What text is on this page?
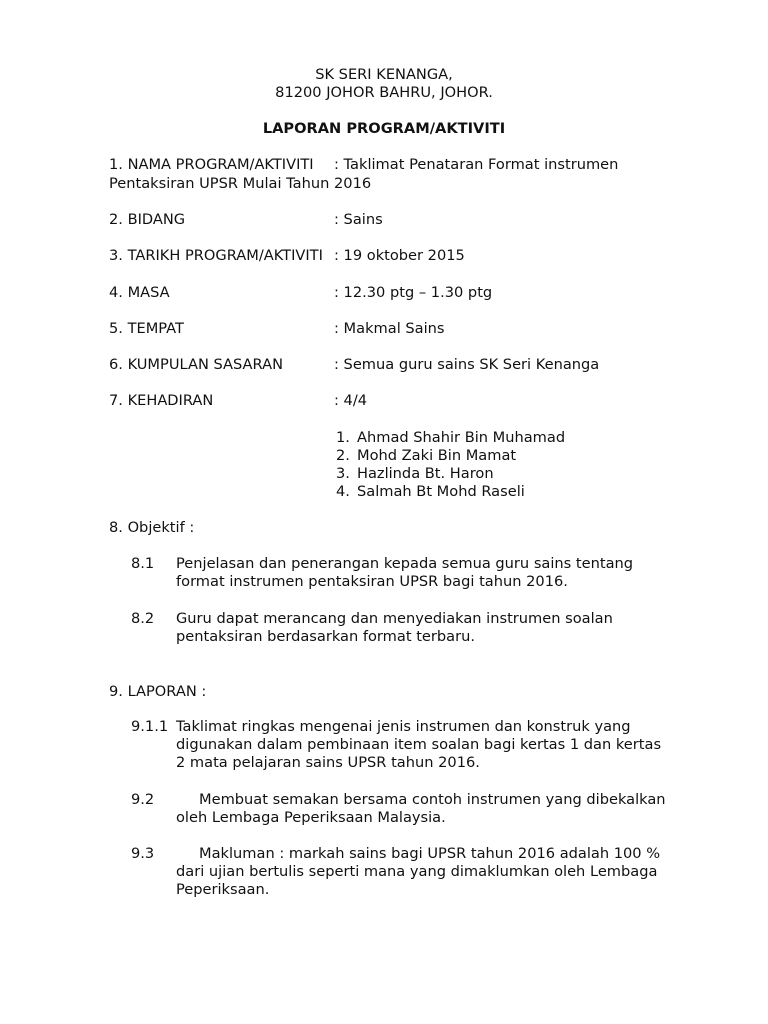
SK SERI KENANGA,
81200 JOHOR BAHRU, JOHOR.
LAPORAN PROGRAM/AKTIVITI
1. NAMA PROGRAM/AKTIVITI : Taklimat Penataran Format instrumen
Pentaksiran UPSR Mulai Tahun 2016
2. BIDANG	: Sains
3. TARIKH PROGRAM/AKTIVITI : 19 oktober 2015
4. MASA	: 12.30 ptg – 1.30 ptg
5. TEMPAT	: Makmal Sains
6. KUMPULAN SASARAN	: Semua guru sains SK Seri Kenanga
7. KEHADIRAN	: 4/4
1. Ahmad Shahir Bin Muhamad
2. Mohd Zaki Bin Mamat
3. Hazlinda Bt. Haron
4. Salmah Bt Mohd Raseli
8. Objektif :
8.1 Penjelasan dan penerangan kepada semua guru sains tentang
format instrumen pentaksiran UPSR bagi tahun 2016.
8.2 Guru dapat merancang dan menyediakan instrumen soalan
pentaksiran berdasarkan format terbaru.
9. LAPORAN :
9.1.1 Taklimat ringkas mengenai jenis instrumen dan konstruk yang
digunakan dalam pembinaan item soalan bagi kertas 1 dan kertas
2 mata pelajaran sains UPSR tahun 2016.
9.2	Membuat semakan bersama contoh instrumen yang dibekalkan
oleh Lembaga Peperiksaan Malaysia.
9.3	Makluman : markah sains bagi UPSR tahun 2016 adalah 100 %
dari ujian bertulis seperti mana yang dimaklumkan oleh Lembaga
Peperiksaan.
